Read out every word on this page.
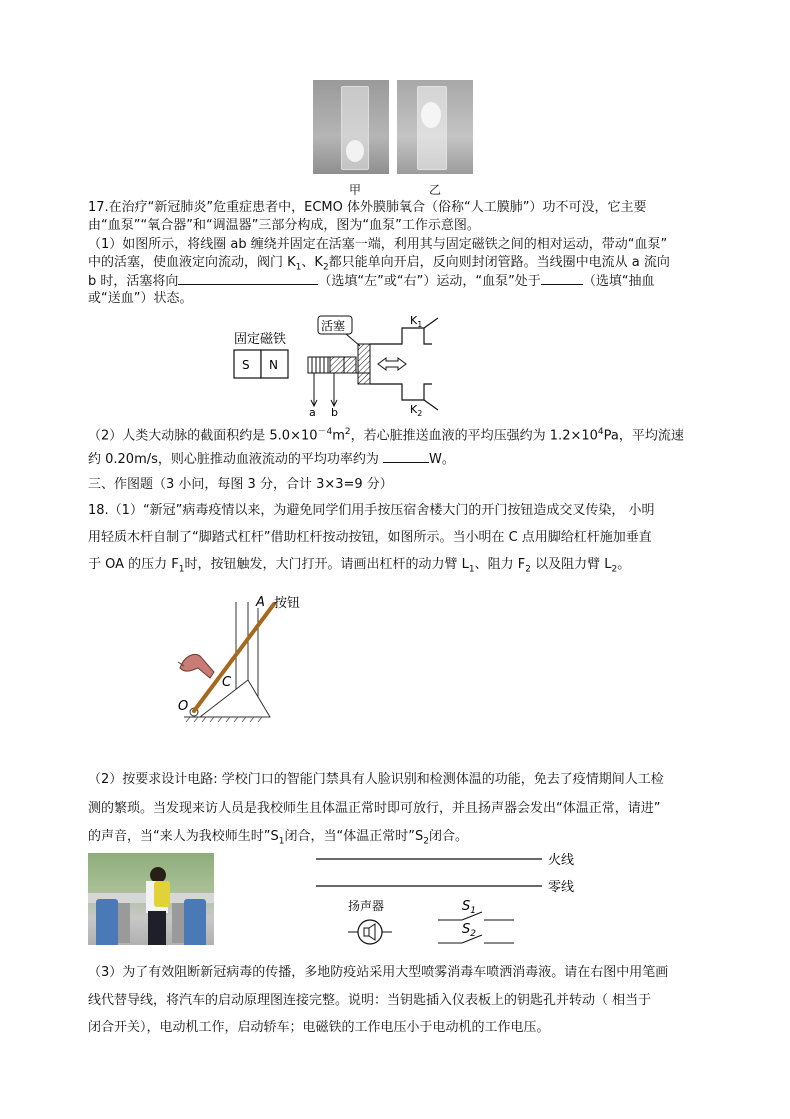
甲	乙
17.在治疗“新冠肺炎”危重症患者中，ECMO 体外膜肺氧合（俗称“人工膜肺”）功不可没，它主要
由“血泵”“氧合器”和“调温器”三部分构成，图为“血泵”工作示意图。
（1）如图所示，将线圈 ab 缠绕并固定在活塞一端，利用其与固定磁铁之间的相对运动，带动“血泵”
中的活塞，使血液定向流动，阀门 $K_1$、$K_2$都只能单向开启，反向则封闭管路。当线圈中电流从 a 流向
b 时，活塞将向	（选填“左”或“右”）运动，“血泵”处于	（选填“抽血
或“送血”）状态。
固定磁铁
S N
活塞	$K_1$
$K_2$
a b
（2）人类大动脉的截面积约是 $5.0\times 10^{-4}m^2$，若心脏推送血液的平均压强约为 $1.2\times 10^4Pa$，平均流速
约 0.20m/s，则心脏推动血液流动的平均功率约为	W。
三、作图题（3 小问，每图 3 分，合计 3×3=9 分）
18.（1）“新冠”病毒疫情以来，为避免同学们用手按压宿舍楼大门的开门按钮造成交叉传染， 小明
用轻质木杆自制了“脚踏式杠杆”借助杠杆按动按钮，如图所示。当小明在 C 点用脚给杠杆施加垂直
于 OA 的压力 $F_1$时，按钮触发，大门打开。请画出杠杆的动力臂 $L_1$、阻力 $F_2$ 以及阻力臂 $L_2$。
A 按钮
C
O
（2）按要求设计电路: 学校门口的智能门禁具有人脸识别和检测体温的功能，免去了疫情期间人工检
测的繁琐。当发现来访人员是我校师生且体温正常时即可放行，并且扬声器会发出“体温正常，请进”
的声音，当“来人为我校师生时$”S_1$闭合，当“体温正常时$”S_2$闭合。
火线
零线
扬声器	$S_1$
$S_2$
（3）为了有效阻断新冠病毒的传播，多地防疫站采用大型喷雾消毒车喷洒消毒液。请在右图中用笔画
线代替导线，将汽车的启动原理图连接完整。说明：当钥匙插入仪表板上的钥匙孔并转动（ 相当于
闭合开关），电动机工作，启动轿车；电磁铁的工作电压小于电动机的工作电压。
